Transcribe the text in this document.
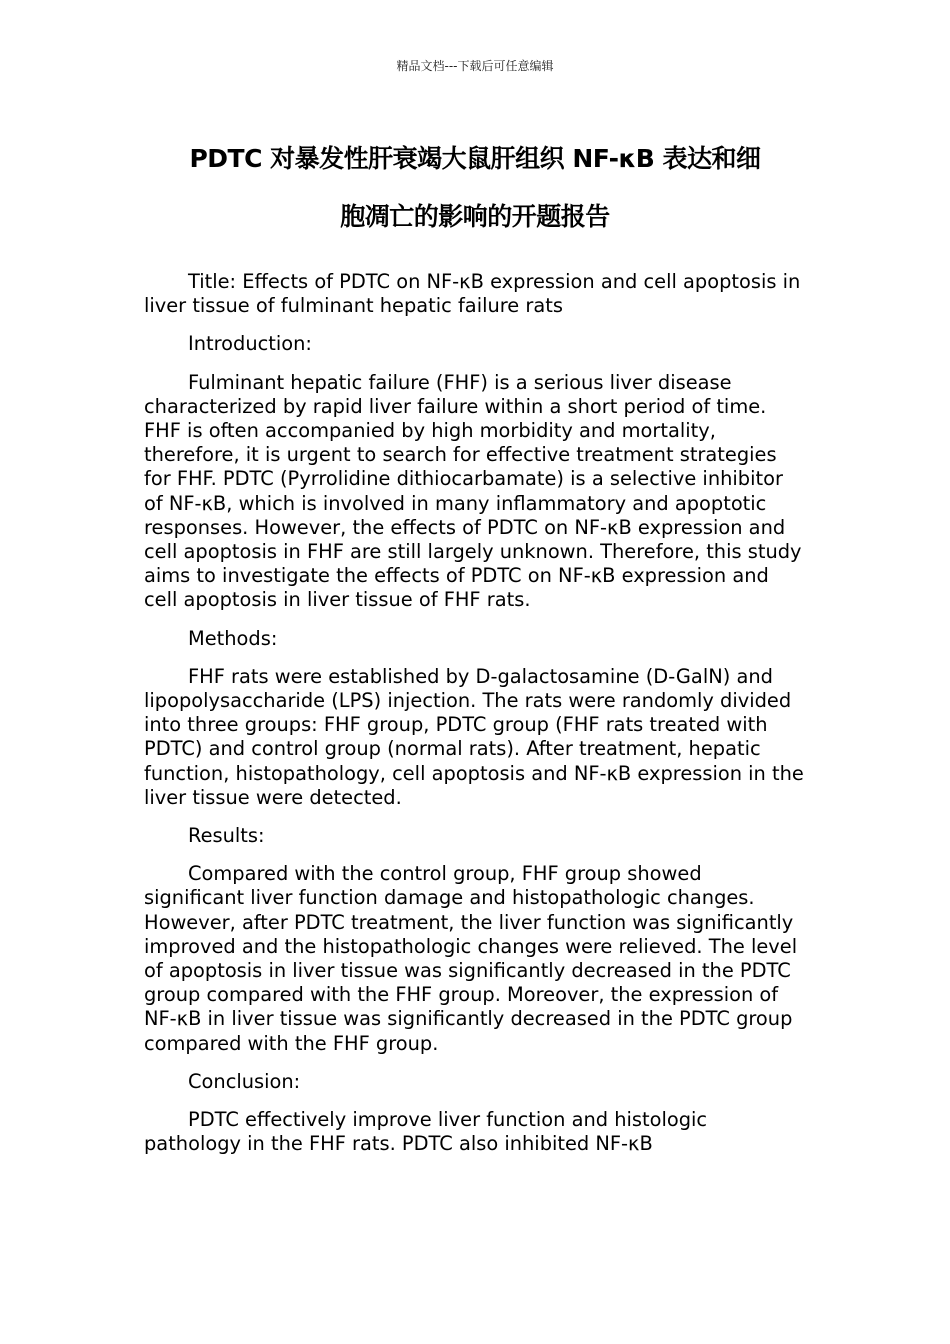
精品文档---下载后可任意编辑
PDTC 对暴发性肝衰竭大鼠肝组织 NF-κB 表达和细
胞凋亡的影响的开题报告

Title: Effects of PDTC on NF-κB expression and cell apoptosis in liver tissue of fulminant hepatic failure rats

Introduction:

Fulminant hepatic failure (FHF) is a serious liver disease characterized by rapid liver failure within a short period of time. FHF is often accompanied by high morbidity and mortality, therefore, it is urgent to search for effective treatment strategies for FHF. PDTC (Pyrrolidine dithiocarbamate) is a selective inhibitor of NF-κB, which is involved in many inflammatory and apoptotic responses. However, the effects of PDTC on NF-κB expression and cell apoptosis in FHF are still largely unknown. Therefore, this study aims to investigate the effects of PDTC on NF-κB expression and cell apoptosis in liver tissue of FHF rats.

Methods:

FHF rats were established by D-galactosamine (D-GalN) and lipopolysaccharide (LPS) injection. The rats were randomly divided into three groups: FHF group, PDTC group (FHF rats treated with PDTC) and control group (normal rats). After treatment, hepatic function, histopathology, cell apoptosis and NF-κB expression in the liver tissue were detected.

Results:

Compared with the control group, FHF group showed significant liver function damage and histopathologic changes. However, after PDTC treatment, the liver function was significantly improved and the histopathologic changes were relieved. The level of apoptosis in liver tissue was significantly decreased in the PDTC group compared with the FHF group. Moreover, the expression of NF-κB in liver tissue was significantly decreased in the PDTC group compared with the FHF group.

Conclusion:

PDTC effectively improve liver function and histologic pathology in the FHF rats. PDTC also inhibited NF-κB
